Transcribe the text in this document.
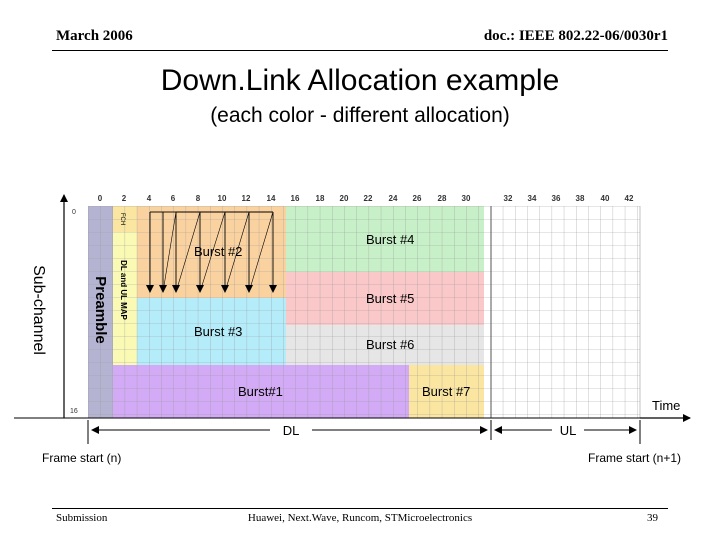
March 2006	doc.: IEEE 802.22-06/0030r1
Down.Link Allocation example
(each color - different allocation)
0 2	4 6	8 10 12 14 16 18 20 22 24 26 28 30	32 34 36 38 40 42
0
16
Sub-channel	Preamble
FCH
DL and UL MAP
Burst #2
Burst #3
Burst #4
Burst #5
Burst #6
Burst#1	Burst #7
Time
DL	UL
Frame start (n)	Frame start (n+1)
Submission	Huawei, Next.Wave, Runcom, STMicroelectronics	39
